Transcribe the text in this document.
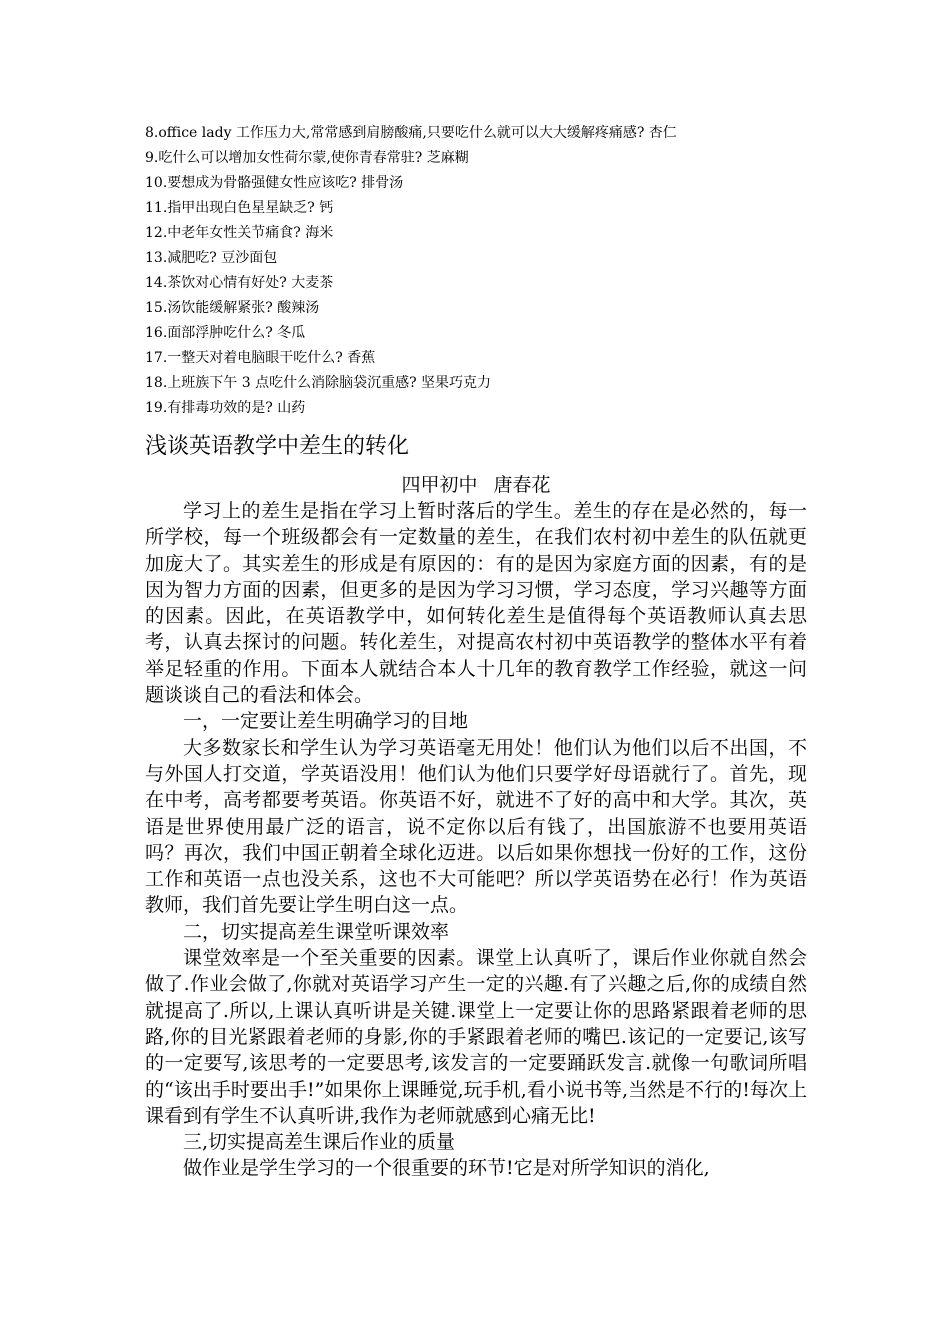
8.office lady 工作压力大,常常感到肩膀酸痛,只要吃什么就可以大大缓解疼痛感? 杏仁
9.吃什么可以增加女性荷尔蒙,使你青春常驻? 芝麻糊
10.要想成为骨骼强健女性应该吃? 排骨汤
11.指甲出现白色星星缺乏? 钙
12.中老年女性关节痛食? 海米
13.减肥吃? 豆沙面包
14.茶饮对心情有好处? 大麦茶
15.汤饮能缓解紧张? 酸辣汤
16.面部浮肿吃什么? 冬瓜
17.一整天对着电脑眼干吃什么? 香蕉
18.上班族下午 3 点吃什么消除脑袋沉重感? 坚果巧克力
19.有排毒功效的是? 山药
浅谈英语教学中差生的转化
四甲初中 唐春花

学习上的差生是指在学习上暂时落后的学生。差生的存在是必然的，每一所学校，每一个班级都会有一定数量的差生，在我们农村初中差生的队伍就更加庞大了。其实差生的形成是有原因的：有的是因为家庭方面的因素，有的是因为智力方面的因素，但更多的是因为学习习惯，学习态度，学习兴趣等方面的因素。因此，在英语教学中，如何转化差生是值得每个英语教师认真去思考，认真去探讨的问题。转化差生，对提高农村初中英语教学的整体水平有着举足轻重的作用。下面本人就结合本人十几年的教育教学工作经验，就这一问题谈谈自己的看法和体会。

一，一定要让差生明确学习的目地

大多数家长和学生认为学习英语毫无用处！他们认为他们以后不出国，不与外国人打交道，学英语没用！他们认为他们只要学好母语就行了。首先，现在中考，高考都要考英语。你英语不好，就进不了好的高中和大学。其次，英语是世界使用最广泛的语言，说不定你以后有钱了，出国旅游不也要用英语吗？再次，我们中国正朝着全球化迈进。以后如果你想找一份好的工作，这份工作和英语一点也没关系，这也不大可能吧？所以学英语势在必行！作为英语教师，我们首先要让学生明白这一点。

二，切实提高差生课堂听课效率

课堂效率是一个至关重要的因素。课堂上认真听了，课后作业你就自然会做了.作业会做了,你就对英语学习产生一定的兴趣.有了兴趣之后,你的成绩自然就提高了.所以,上课认真听讲是关键.课堂上一定要让你的思路紧跟着老师的思路,你的目光紧跟着老师的身影,你的手紧跟着老师的嘴巴.该记的一定要记,该写的一定要写,该思考的一定要思考,该发言的一定要踊跃发言.就像一句歌词所唱的“该出手时要出手!”如果你上课睡觉,玩手机,看小说书等,当然是不行的!每次上课看到有学生不认真听讲,我作为老师就感到心痛无比!

三,切实提高差生课后作业的质量

做作业是学生学习的一个很重要的环节!它是对所学知识的消化,
